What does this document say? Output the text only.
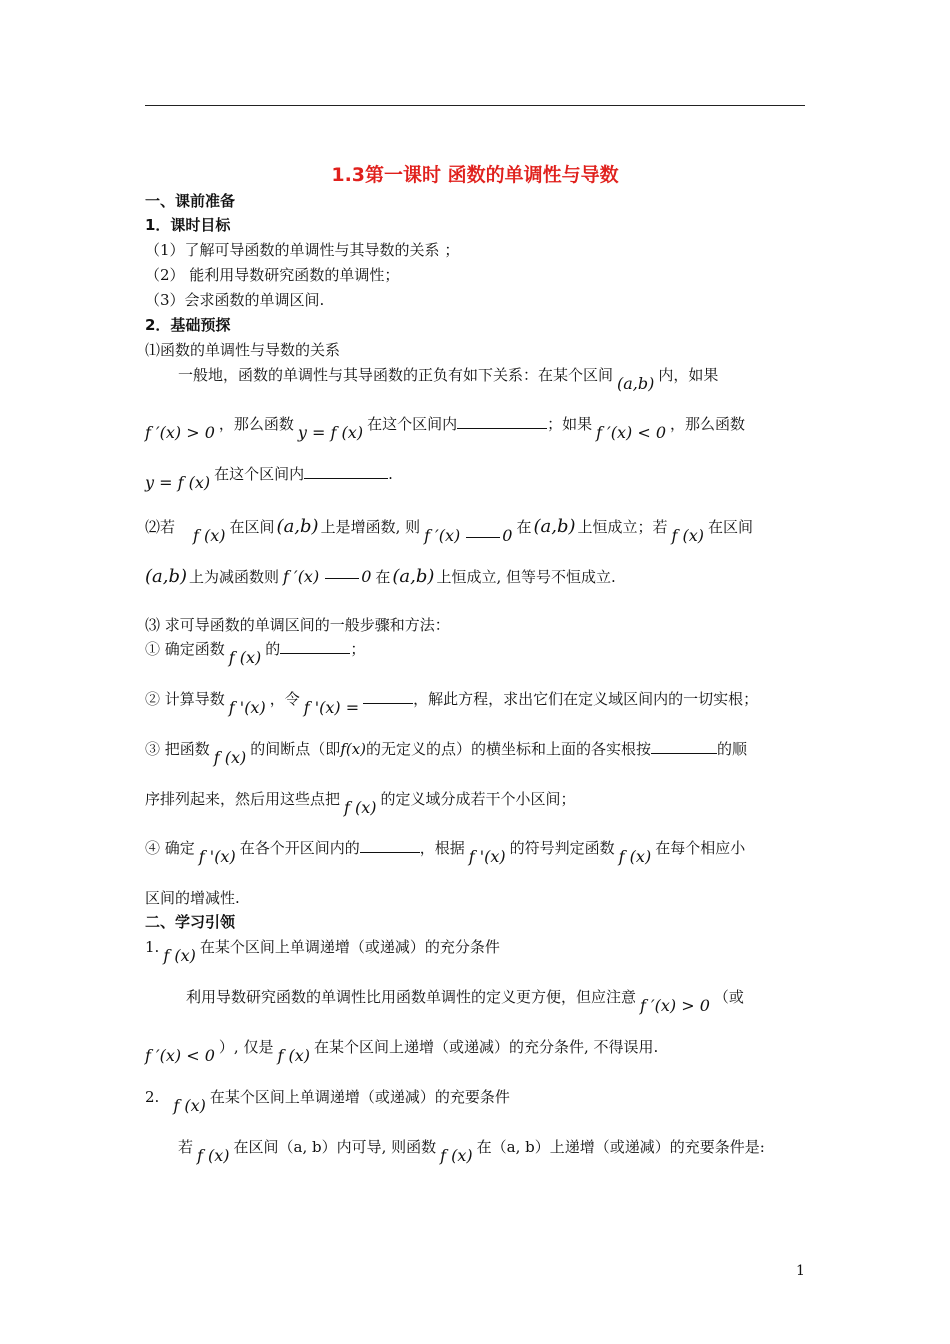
1.3第一课时 函数的单调性与导数
一、课前准备
1．课时目标
（1）了解可导函数的单调性与其导数的关系 ；
（2） 能利用导数研究函数的单调性；
（3）会求函数的单调区间.
2．基础预探
⑴函数的单调性与导数的关系
一般地，函数的单调性与其导函数的正负有如下关系：在某个区间 (a,b) 内，如果
f ′(x) > 0 ，那么函数 y = f (x) 在这个区间内	；如果 f ′(x) < 0 ，那么函数
y = f (x) 在这个区间内	.
⑵若 f (x) 在区间 (a,b) 上是增函数, 则 f ′(x)	0 在 (a,b) 上恒成立；若 f (x) 在区间
(a,b) 上为减函数则 f ′(x)	0 在 (a,b) 上恒成立, 但等号不恒成立.
⑶ 求可导函数的单调区间的一般步骤和方法：
① 确定函数 f (x) 的	；
② 计算导数 f '(x) ，令 f '(x) =	，解此方程，求出它们在定义域区间内的一切实根；
③ 把函数 f (x) 的间断点（即f(x)的无定义的点）的横坐标和上面的各实根按	的顺
序排列起来，然后用这些点把 f (x) 的定义域分成若干个小区间；
④ 确定 f '(x) 在各个开区间内的	，根据 f '(x) 的符号判定函数 f (x) 在每个相应小
区间的增减性.
二、学习引领
1. f (x) 在某个区间上单调递增（或递减）的充分条件
利用导数研究函数的单调性比用函数单调性的定义更方便，但应注意 f ′(x) > 0 （或
f ′(x) < 0 ）, 仅是 f (x) 在某个区间上递增（或递减）的充分条件, 不得误用.
2. f (x) 在某个区间上单调递增（或递减）的充要条件
若 f (x) 在区间（a, b）内可导, 则函数 f (x) 在（a, b）上递增（或递减）的充要条件是:
1
